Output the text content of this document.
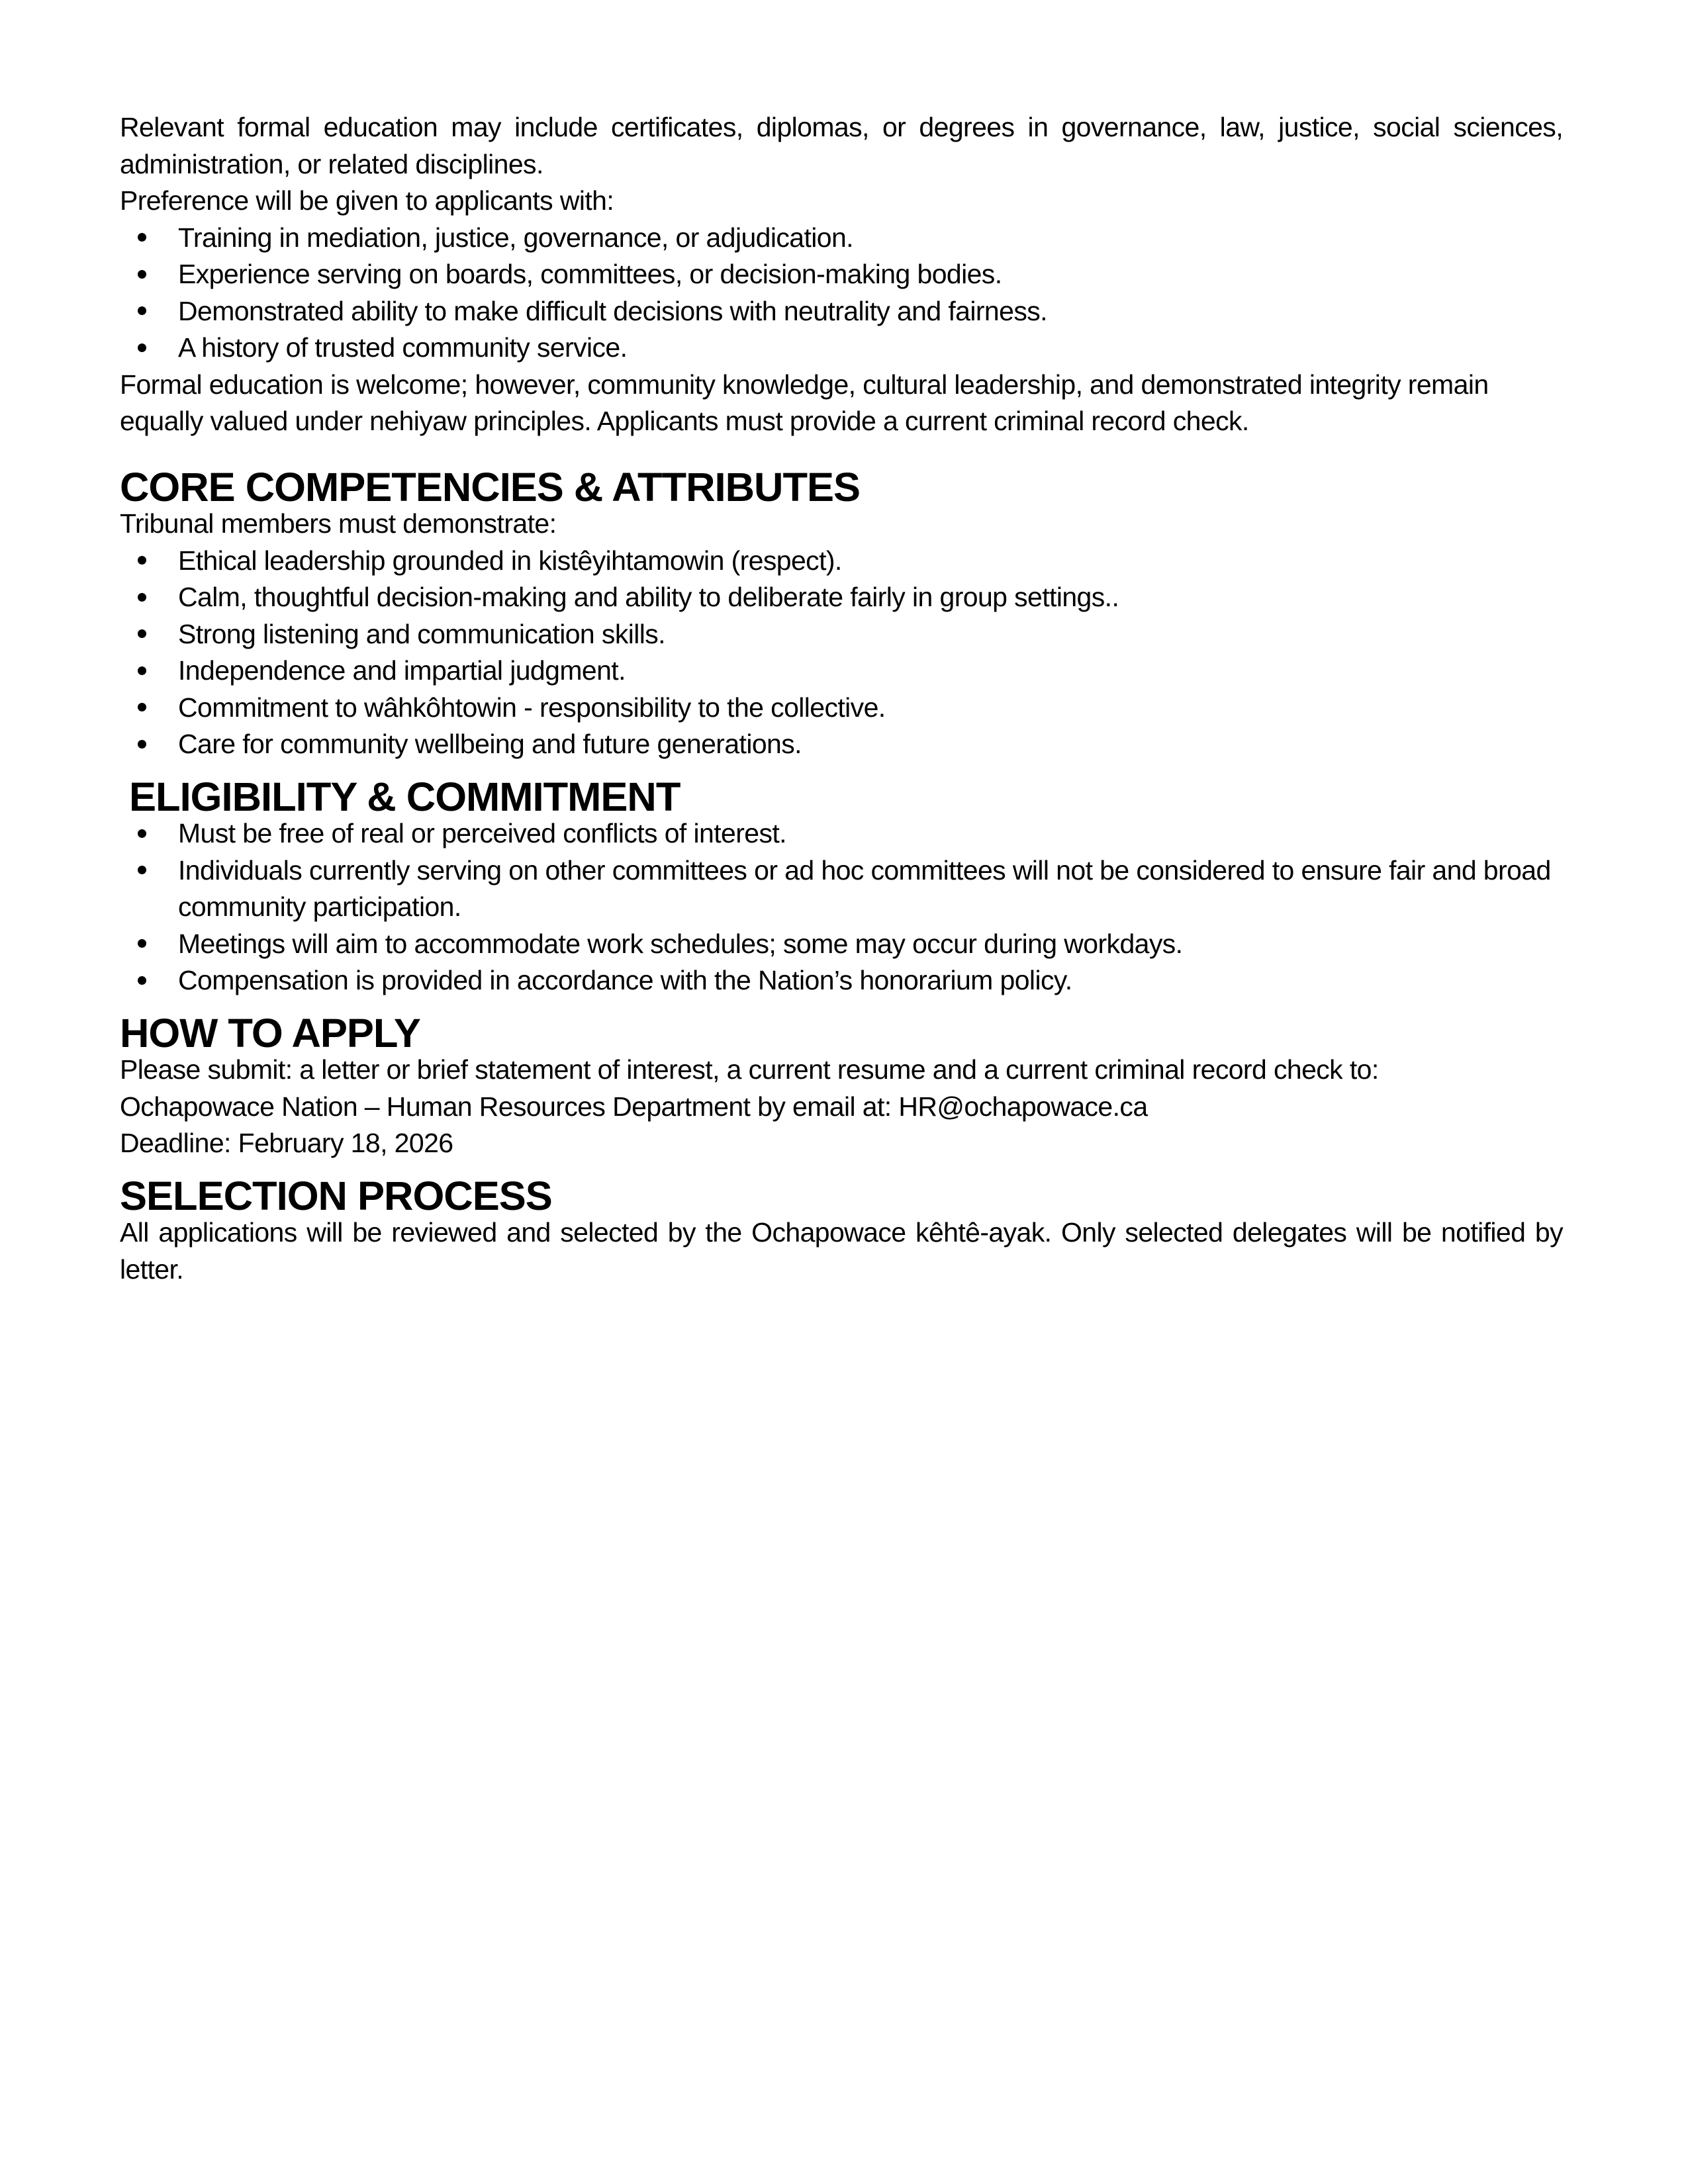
Relevant formal education may include certificates, diplomas, or degrees in governance, law, justice, social sciences, administration, or related disciplines.

Preference will be given to applicants with:

Training in mediation, justice, governance, or adjudication.
Experience serving on boards, committees, or decision-making bodies.
Demonstrated ability to make difficult decisions with neutrality and fairness.
A history of trusted community service.

Formal education is welcome; however, community knowledge, cultural leadership, and demonstrated integrity remain equally valued under nehiyaw principles. Applicants must provide a current criminal record check.

CORE COMPETENCIES & ATTRIBUTES

Tribunal members must demonstrate:

Ethical leadership grounded in kistêyihtamowin (respect).
Calm, thoughtful decision-making and ability to deliberate fairly in group settings..
Strong listening and communication skills.
Independence and impartial judgment.
Commitment to wâhkôhtowin - responsibility to the collective.
Care for community wellbeing and future generations.
ELIGIBILITY & COMMITMENT
Must be free of real or perceived conflicts of interest.
Individuals currently serving on other committees or ad hoc committees will not be considered to ensure fair and broad community participation.
Meetings will aim to accommodate work schedules; some may occur during workdays.
Compensation is provided in accordance with the Nation’s honorarium policy.
HOW TO APPLY

Please submit: a letter or brief statement of interest, a current resume and a current criminal record check to:

Ochapowace Nation – Human Resources Department by email at: HR@ochapowace.ca

Deadline: February 18, 2026

SELECTION PROCESS

All applications will be reviewed and selected by the Ochapowace kêhtê-ayak. Only selected delegates will be notified by letter.
